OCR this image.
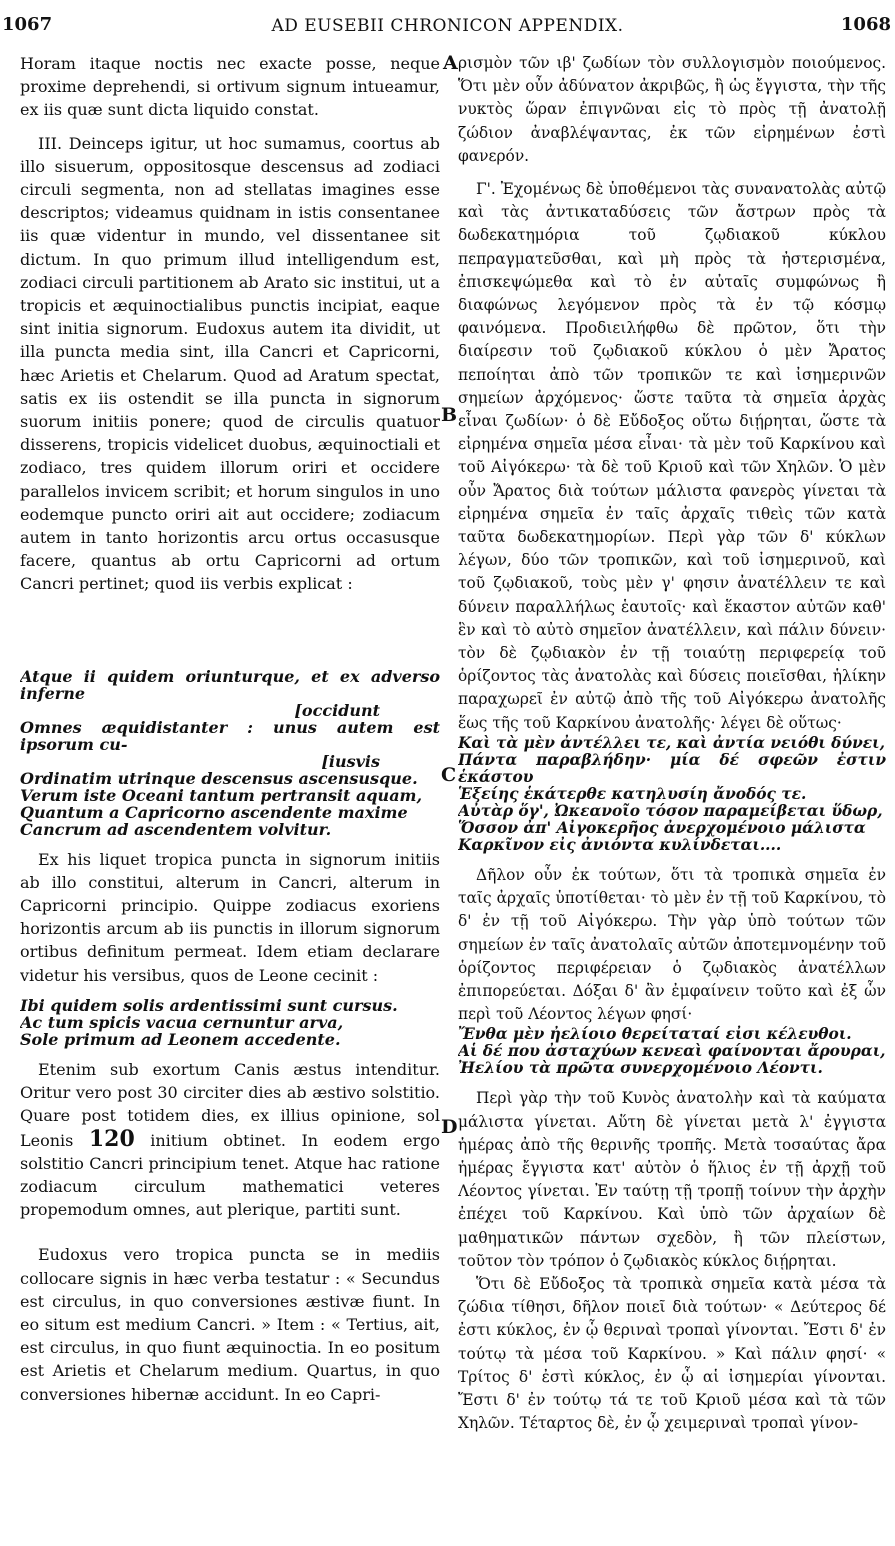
1067	AD EUSEBII CHRONICON APPENDIX.	1068
A
B
C
D

Horam itaque noctis nec exacte posse, neque proxime deprehendi, si ortivum signum intueamur, ex iis quæ sunt dicta liquido constat.

III. Deinceps igitur, ut hoc sumamus, coortus ab illo sisuerum, oppositosque descensus ad zodiaci circuli segmenta, non ad stellatas imagines esse descriptos; videamus quidnam in istis consentanee iis quæ videntur in mundo, vel dissentanee sit dictum. In quo primum illud intelligendum est, zodiaci circuli partitionem ab Arato sic institui, ut a tropicis et æquinoctialibus punctis incipiat, eaque sint initia signorum. Eudoxus autem ita dividit, ut illa puncta media sint, illa Cancri et Capricorni, hæc Arietis et Chelarum. Quod ad Aratum spectat, satis ex iis ostendit se illa puncta in signorum suorum initiis ponere; quod de circulis quatuor disserens, tropicis videlicet duobus, æquinoctiali et zodiaco, tres quidem illorum oriri et occidere parallelos invicem scribit; et horum singulos in uno eodemque puncto oriri ait aut occidere; zodiacum autem in tanto horizontis arcu ortus occasusque facere, quantus ab ortu Capricorni ad ortum Cancri pertinet; quod iis verbis explicat :

Atque ii quidem oriunturque, et ex adverso inferne

[occidunt

Omnes æquidistanter : unus autem est ipsorum cu-

[iusvis

Ordinatim utrinque descensus ascensusque.

Verum iste Oceani tantum pertransit aquam,

Quantum a Capricorno ascendente maxime

Cancrum ad ascendentem volvitur.

Ex his liquet tropica puncta in signorum initiis ab illo constitui, alterum in Cancri, alterum in Capricorni principio. Quippe zodiacus exoriens horizontis arcum ab iis punctis in illorum signorum ortibus definitum permeat. Idem etiam declarare videtur his versibus, quos de Leone cecinit :

Ibi quidem solis ardentissimi sunt cursus.

Ac tum spicis vacua cernuntur arva,

Sole primum ad Leonem accedente.

Etenim sub exortum Canis æstus intenditur. Oritur vero post 30 circiter dies ab æstivo solstitio. Quare post totidem dies, ex illius opinione, sol Leonis 120 initium obtinet. In eodem ergo solstitio Cancri principium tenet. Atque hac ratione zodiacum circulum mathematici veteres propemodum omnes, aut plerique, partiti sunt.

Eudoxus vero tropica puncta se in mediis collocare signis in hæc verba testatur : « Secundus est circulus, in quo conversiones æstivæ fiunt. In eo situm est medium Cancri. » Item : « Tertius, ait, est circulus, in quo fiunt æquinoctia. In eo positum est Arietis et Chelarum medium. Quartus, in quo conversiones hibernæ accidunt. In eo Capri-

ρισμὸν τῶν ιβ' ζωδίων τὸν συλλογισμὸν ποιούμενος. Ὅτι μὲν οὖν ἀδύνατον ἀκριβῶς, ἢ ὡς ἔγγιστα, τὴν τῆς νυκτὸς ὥραν ἐπιγνῶναι εἰς τὸ πρὸς τῇ ἀνατολῇ ζώδιον ἀναβλέψαντας, ἐκ τῶν εἰρημένων ἐστὶ φανερόν.

Γ'. Ἐχομένως δὲ ὑποθέμενοι τὰς συνανατολὰς αὐτῷ καὶ τὰς ἀντικαταδύσεις τῶν ἄστρων πρὸς τὰ δωδεκατημόρια τοῦ ζῳδιακοῦ κύκλου πεπραγματεῦσθαι, καὶ μὴ πρὸς τὰ ἠστερισμένα, ἐπισκεψώμεθα καὶ τὸ ἐν αὐταῖς συμφώνως ἢ διαφώνως λεγόμενον πρὸς τὰ ἐν τῷ κόσμῳ φαινόμενα. Προδιειλήφθω δὲ πρῶτον, ὅτι τὴν διαίρεσιν τοῦ ζῳδιακοῦ κύκλου ὁ μὲν Ἄρατος πεποίηται ἀπὸ τῶν τροπικῶν τε καὶ ἰσημερινῶν σημείων ἀρχόμενος· ὥστε ταῦτα τὰ σημεῖα ἀρχὰς εἶναι ζωδίων· ὁ δὲ Εὔδοξος οὕτω διῄρηται, ὥστε τὰ εἰρημένα σημεῖα μέσα εἶναι· τὰ μὲν τοῦ Καρκίνου καὶ τοῦ Αἰγόκερω· τὰ δὲ τοῦ Κριοῦ καὶ τῶν Χηλῶν. Ὁ μὲν οὖν Ἄρατος διὰ τούτων μάλιστα φανερὸς γίνεται τὰ εἰρημένα σημεῖα ἐν ταῖς ἀρχαῖς τιθεὶς τῶν κατὰ ταῦτα δωδεκατημορίων. Περὶ γὰρ τῶν δ' κύκλων λέγων, δύο τῶν τροπικῶν, καὶ τοῦ ἰσημερινοῦ, καὶ τοῦ ζῳδιακοῦ, τοὺς μὲν γ' φησιν ἀνατέλλειν τε καὶ δύνειν παραλλήλως ἑαυτοῖς· καὶ ἕκαστον αὐτῶν καθ' ἓν καὶ τὸ αὐτὸ σημεῖον ἀνατέλλειν, καὶ πάλιν δύνειν· τὸν δὲ ζῳδιακὸν ἐν τῇ τοιαύτῃ περιφερείᾳ τοῦ ὁρίζοντος τὰς ἀνατολὰς καὶ δύσεις ποιεῖσθαι, ἡλίκην παραχωρεῖ ἐν αὐτῷ ἀπὸ τῆς τοῦ Αἰγόκερω ἀνατολῆς ἕως τῆς τοῦ Καρκίνου ἀνατολῆς· λέγει δὲ οὕτως·

Καὶ τὰ μὲν ἀντέλλει τε, καὶ ἀντία νειόθι δύνει,

Πάντα παραβλήδην· μία δέ σφεῶν ἐστιν ἑκάστου

Ἑξείης ἑκάτερθε κατηλυσίη ἄνοδός τε.

Αὐτὰρ ὅγ', Ὠκεανοῖο τόσον παραμείβεται ὕδωρ,

Ὅσσον ἀπ' Αἰγοκερῆος ἀνερχομένοιο μάλιστα

Καρκῖνον εἰς ἀνιόντα κυλίνδεται....

Δῆλον οὖν ἐκ τούτων, ὅτι τὰ τροπικὰ σημεῖα ἐν ταῖς ἀρχαῖς ὑποτίθεται· τὸ μὲν ἐν τῇ τοῦ Καρκίνου, τὸ δ' ἐν τῇ τοῦ Αἰγόκερω. Τὴν γὰρ ὑπὸ τούτων τῶν σημείων ἐν ταῖς ἀνατολαῖς αὐτῶν ἀποτεμνομένην τοῦ ὁρίζοντος περιφέρειαν ὁ ζῳδιακὸς ἀνατέλλων ἐπιπορεύεται. Δόξαι δ' ἂν ἐμφαίνειν τοῦτο καὶ ἐξ ὧν περὶ τοῦ Λέοντος λέγων φησί·

Ἔνθα μὲν ἠελίοιο θερείταταί εἰσι κέλευθοι.

Αἱ δέ που ἀσταχύων κενεαὶ φαίνονται ἄρουραι,

Ἠελίου τὰ πρῶτα συνερχομένοιο Λέοντι.

Περὶ γὰρ τὴν τοῦ Κυνὸς ἀνατολὴν καὶ τὰ καύματα μάλιστα γίνεται. Αὕτη δὲ γίνεται μετὰ λ' ἐγγιστα ἡμέρας ἀπὸ τῆς θερινῆς τροπῆς. Μετὰ τοσαύτας ἄρα ἡμέρας ἔγγιστα κατ' αὐτὸν ὁ ἥλιος ἐν τῇ ἀρχῇ τοῦ Λέοντος γίνεται. Ἐν ταύτῃ τῇ τροπῇ τοίνυν τὴν ἀρχὴν ἐπέχει τοῦ Καρκίνου. Καὶ ὑπὸ τῶν ἀρχαίων δὲ μαθηματικῶν πάντων σχεδὸν, ἢ τῶν πλείστων, τοῦτον τὸν τρόπον ὁ ζῳδιακὸς κύκλος διῄρηται.

Ὅτι δὲ Εὔδοξος τὰ τροπικὰ σημεῖα κατὰ μέσα τὰ ζώδια τίθησι, δῆλον ποιεῖ διὰ τούτων· « Δεύτερος δέ ἐστι κύκλος, ἐν ᾧ θεριναὶ τροπαὶ γίνονται. Ἔστι δ' ἐν τούτῳ τὰ μέσα τοῦ Καρκίνου. » Καὶ πάλιν φησί· « Τρίτος δ' ἐστὶ κύκλος, ἐν ᾧ αἱ ἰσημερίαι γίνονται. Ἔστι δ' ἐν τούτῳ τά τε τοῦ Κριοῦ μέσα καὶ τὰ τῶν Χηλῶν. Τέταρτος δὲ, ἐν ᾧ χειμεριναὶ τροπαὶ γίνον-
